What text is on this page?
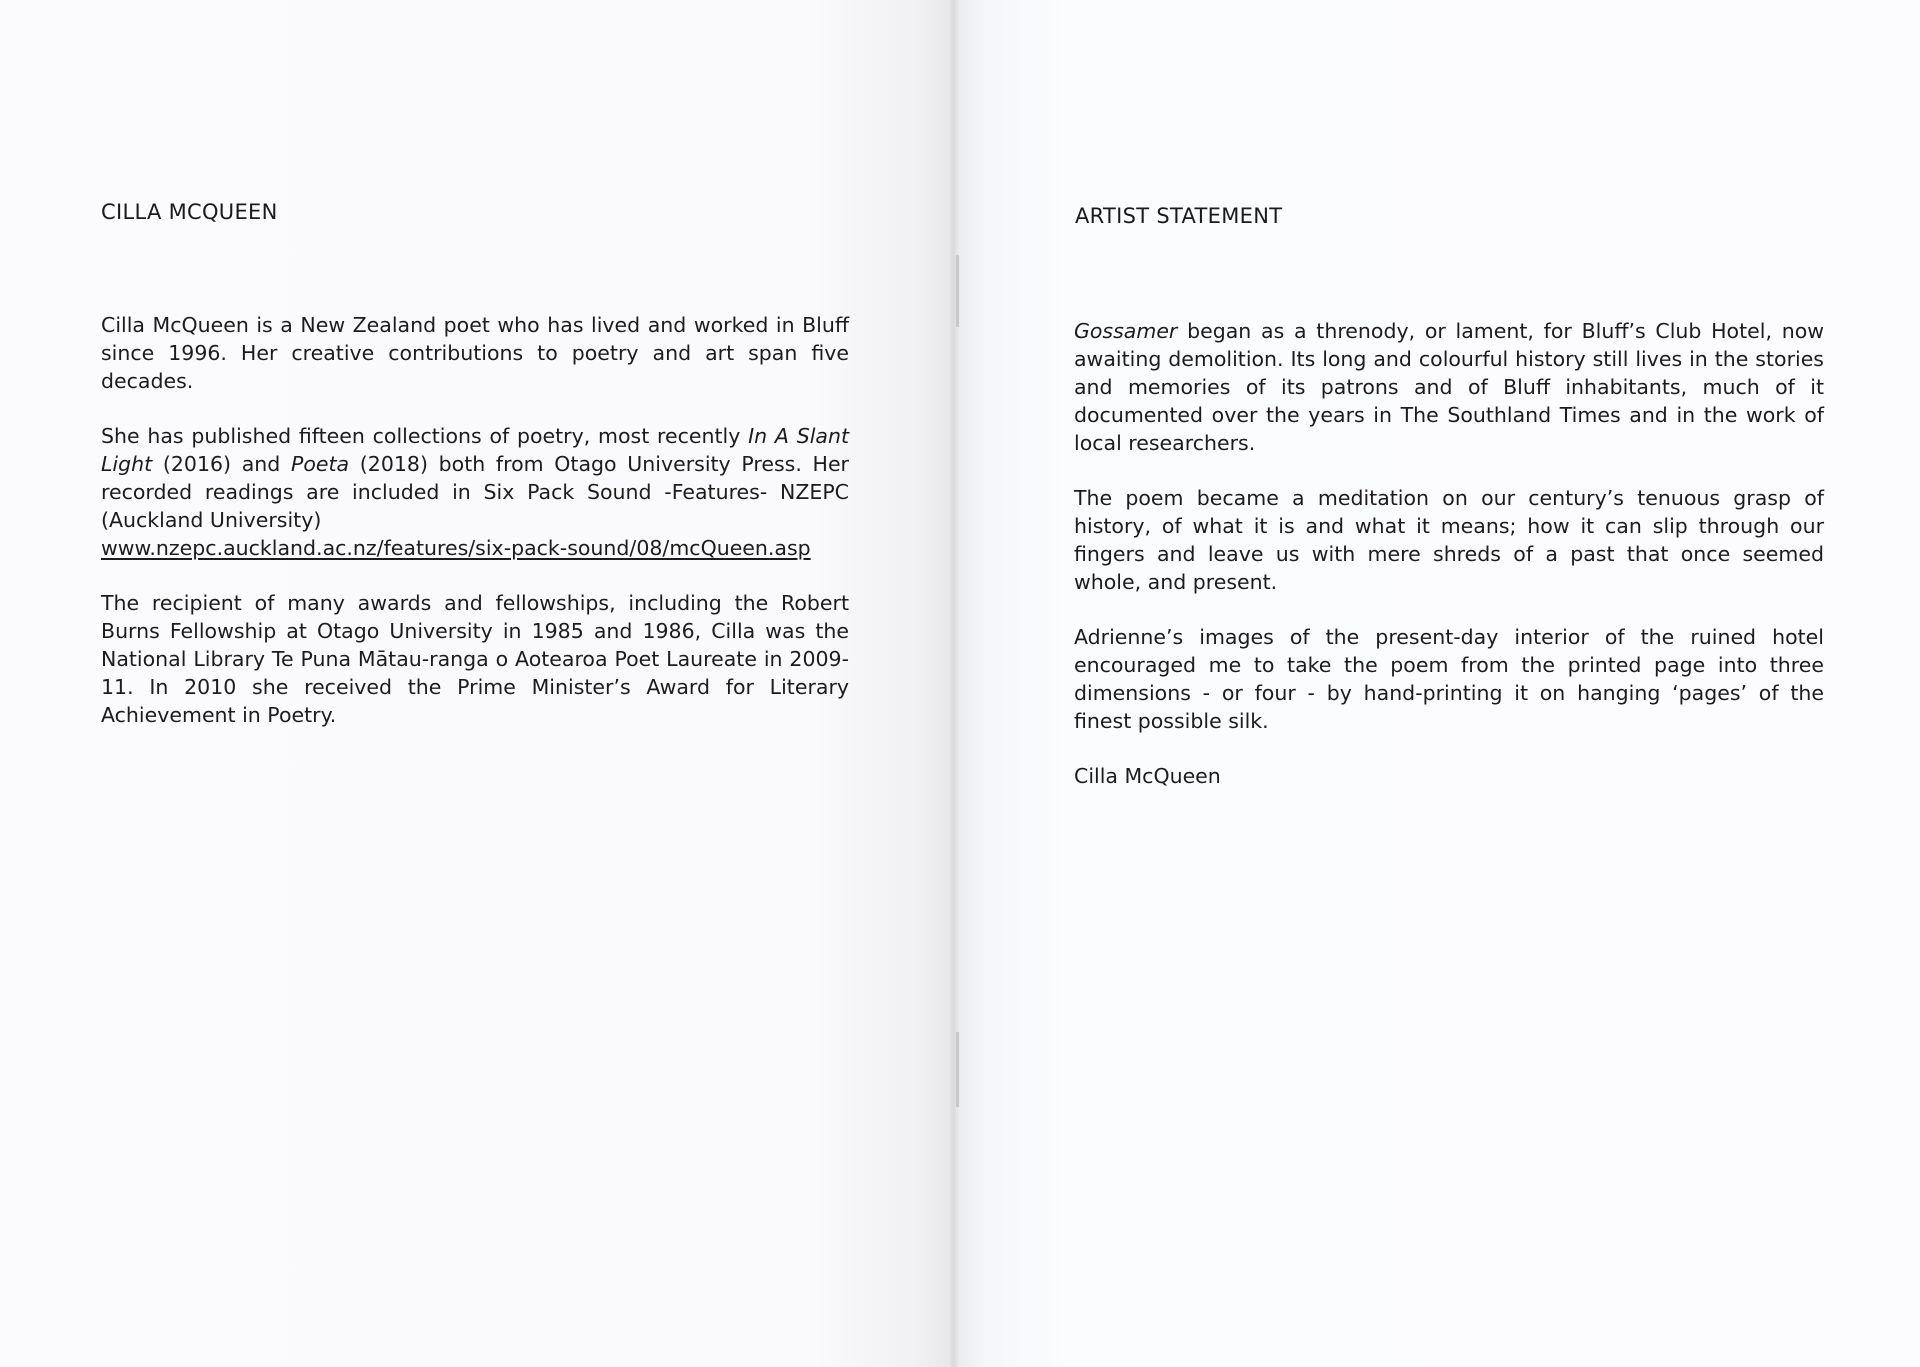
CILLA MCQUEEN

Cilla McQueen is a New Zealand poet who has lived and worked in Bluff since 1996. Her creative contributions to poetry and art span five decades.

She has published fifteen collections of poetry, most recently In A Slant Light (2016) and Poeta (2018) both from Otago University Press. Her recorded readings are included in Six Pack Sound -Features- NZEPC (Auckland University)
www.nzepc.auckland.ac.nz/features/six-pack-sound/08/mcQueen.asp

The recipient of many awards and fellowships, including the Robert Burns Fellowship at Otago University in 1985 and 1986, Cilla was the National Library Te Puna Mātau-ranga o Aotearoa Poet Laureate in 2009-11. In 2010 she received the Prime Minister’s Award for Literary Achievement in Poetry.

ARTIST STATEMENT

Gossamer began as a threnody, or lament, for Bluff’s Club Hotel, now awaiting demolition. Its long and colourful history still lives in the stories and memories of its patrons and of Bluff inhabitants, much of it documented over the years in The Southland Times and in the work of local researchers.

The poem became a meditation on our century’s tenuous grasp of history, of what it is and what it means; how it can slip through our fingers and leave us with mere shreds of a past that once seemed whole, and present.

Adrienne’s images of the present-day interior of the ruined hotel encouraged me to take the poem from the printed page into three dimensions - or four - by hand-printing it on hanging ‘pages’ of the finest possible silk.

Cilla McQueen
